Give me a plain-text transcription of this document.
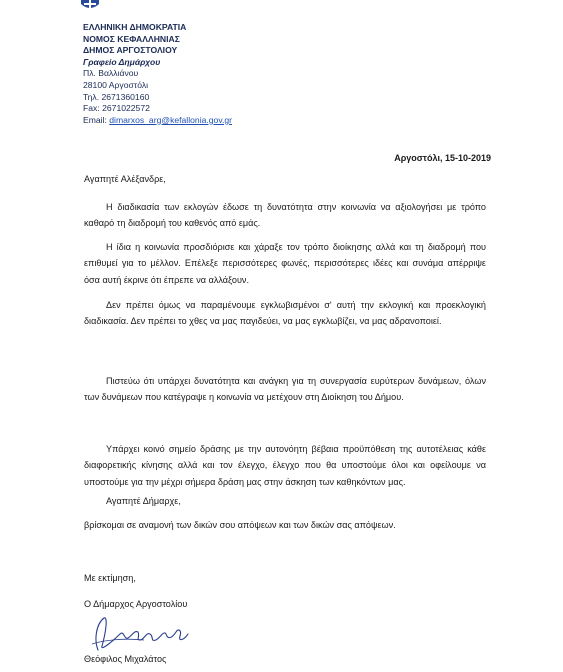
ΕΛΛΗΝΙΚΗ ΔΗΜΟΚΡΑΤΙΑ
ΝΟΜΟΣ ΚΕΦΑΛΛΗΝΙΑΣ
ΔΗΜΟΣ ΑΡΓΟΣΤΟΛΙΟΥ
Γραφείο Δημάρχου
Πλ. Βαλλιάνου
28100 Αργοστόλι
Τηλ. 2671360160
Fax: 2671022572
Email: dimarxos_arg@kefallonia.gov.gr
Αργοστόλι, 15-10-2019
Αγαπητέ Αλέξανδρε,

Η διαδικασία των εκλογών έδωσε τη δυνατότητα στην κοινωνία να αξιολογήσει με τρόπο καθαρό τη διαδρομή του καθενός από εμάς.

Η ίδια η κοινωνία προσδιόρισε και χάραξε τον τρόπο διοίκησης αλλά και τη διαδρομή που επιθυμεί για το μέλλον. Επέλεξε περισσότερες φωνές, περισσότερες ιδέες και συνάμα απέρριψε όσα αυτή έκρινε ότι έπρεπε να αλλάξουν.

Δεν πρέπει όμως να παραμένουμε εγκλωβισμένοι σ' αυτή την εκλογική και προεκλογική διαδικασία. Δεν πρέπει το χθες να μας παγιδεύει, να μας εγκλωβίζει, να μας αδρανοποιεί.

Πιστεύω ότι υπάρχει δυνατότητα και ανάγκη για τη συνεργασία ευρύτερων δυνάμεων, όλων των δυνάμεων που κατέγραψε η κοινωνία να μετέχουν στη Διοίκηση του Δήμου.

Υπάρχει κοινό σημείο δράσης με την αυτονόητη βέβαια προϋπόθεση της αυτοτέλειας κάθε διαφορετικής κίνησης αλλά και τον έλεγχο, έλεγχο που θα υποστούμε όλοι και οφείλουμε να υποστούμε για την μέχρι σήμερα δράση μας στην άσκηση των καθηκόντων μας.

Αγαπητέ Δήμαρχε,
βρίσκομαι σε αναμονή των δικών σου απόψεων και των δικών σας απόψεων.
Με εκτίμηση,
Ο Δήμαρχος Αργοστολίου
Θεόφιλος Μιχαλάτος
